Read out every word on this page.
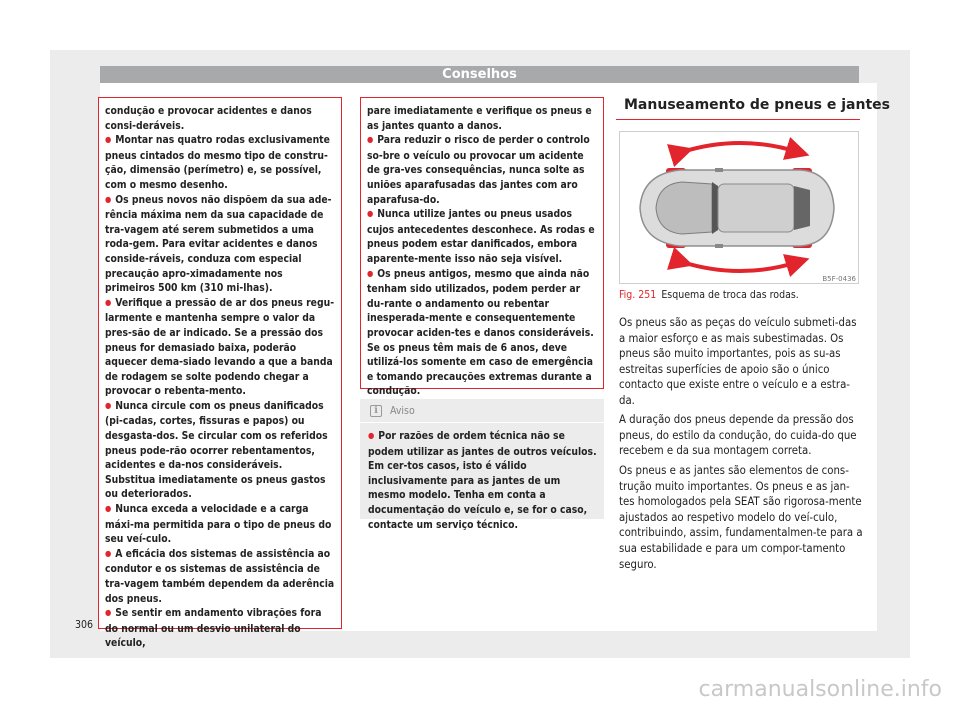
Conselhos

condução e provocar acidentes e danos consi-deráveis.

● Montar nas quatro rodas exclusivamente pneus cintados do mesmo tipo de constru-ção, dimensão (perímetro) e, se possível, com o mesmo desenho.

● Os pneus novos não dispõem da sua ade-rência máxima nem da sua capacidade de tra-vagem até serem submetidos a uma roda-gem. Para evitar acidentes e danos conside-ráveis, conduza com especial precaução apro-ximadamente nos primeiros 500 km (310 mi-lhas).

● Verifique a pressão de ar dos pneus regu-larmente e mantenha sempre o valor da pres-são de ar indicado. Se a pressão dos pneus for demasiado baixa, poderão aquecer dema-siado levando a que a banda de rodagem se solte podendo chegar a provocar o rebenta-mento.

● Nunca circule com os pneus danificados (pi-cadas, cortes, fissuras e papos) ou desgasta-dos. Se circular com os referidos pneus pode-rão ocorrer rebentamentos, acidentes e da-nos consideráveis. Substitua imediatamente os pneus gastos ou deteriorados.

● Nunca exceda a velocidade e a carga máxi-ma permitida para o tipo de pneus do seu veí-culo.

● A eficácia dos sistemas de assistência ao condutor e os sistemas de assistência de tra-vagem também dependem da aderência dos pneus.

● Se sentir em andamento vibrações fora do normal ou um desvio unilateral do veículo,

pare imediatamente e verifique os pneus e as jantes quanto a danos.

● Para reduzir o risco de perder o controlo so-bre o veículo ou provocar um acidente de gra-ves consequências, nunca solte as uniões aparafusadas das jantes com aro aparafusa-do.

● Nunca utilize jantes ou pneus usados cujos antecedentes desconhece. As rodas e pneus podem estar danificados, embora aparente-mente isso não seja visível.

● Os pneus antigos, mesmo que ainda não tenham sido utilizados, podem perder ar du-rante o andamento ou rebentar inesperada-mente e consequentemente provocar aciden-tes e danos consideráveis. Se os pneus têm mais de 6 anos, deve utilizá-los somente em caso de emergência e tomando precauções extremas durante a condução.

i	Aviso

● Por razões de ordem técnica não se podem utilizar as jantes de outros veículos. Em cer-tos casos, isto é válido inclusivamente para as jantes de um mesmo modelo. Tenha em conta a documentação do veículo e, se for o caso, contacte um serviço técnico.

Manuseamento de pneus e jantes
B5F-0436
Fig. 251 Esquema de troca das rodas.
Os pneus são as peças do veículo submeti-das a maior esforço e as mais subestimadas. Os pneus são muito importantes, pois as su-as estreitas superfícies de apoio são o único contacto que existe entre o veículo e a estra-da.
A duração dos pneus depende da pressão dos pneus, do estilo da condução, do cuida-do que recebem e da sua montagem correta.
Os pneus e as jantes são elementos de cons-trução muito importantes. Os pneus e as jan-tes homologados pela SEAT são rigorosa-mente ajustados ao respetivo modelo do veí-culo, contribuindo, assim, fundamentalmen-te para a sua estabilidade e para um compor-tamento seguro.
306
carmanualsonline.info
